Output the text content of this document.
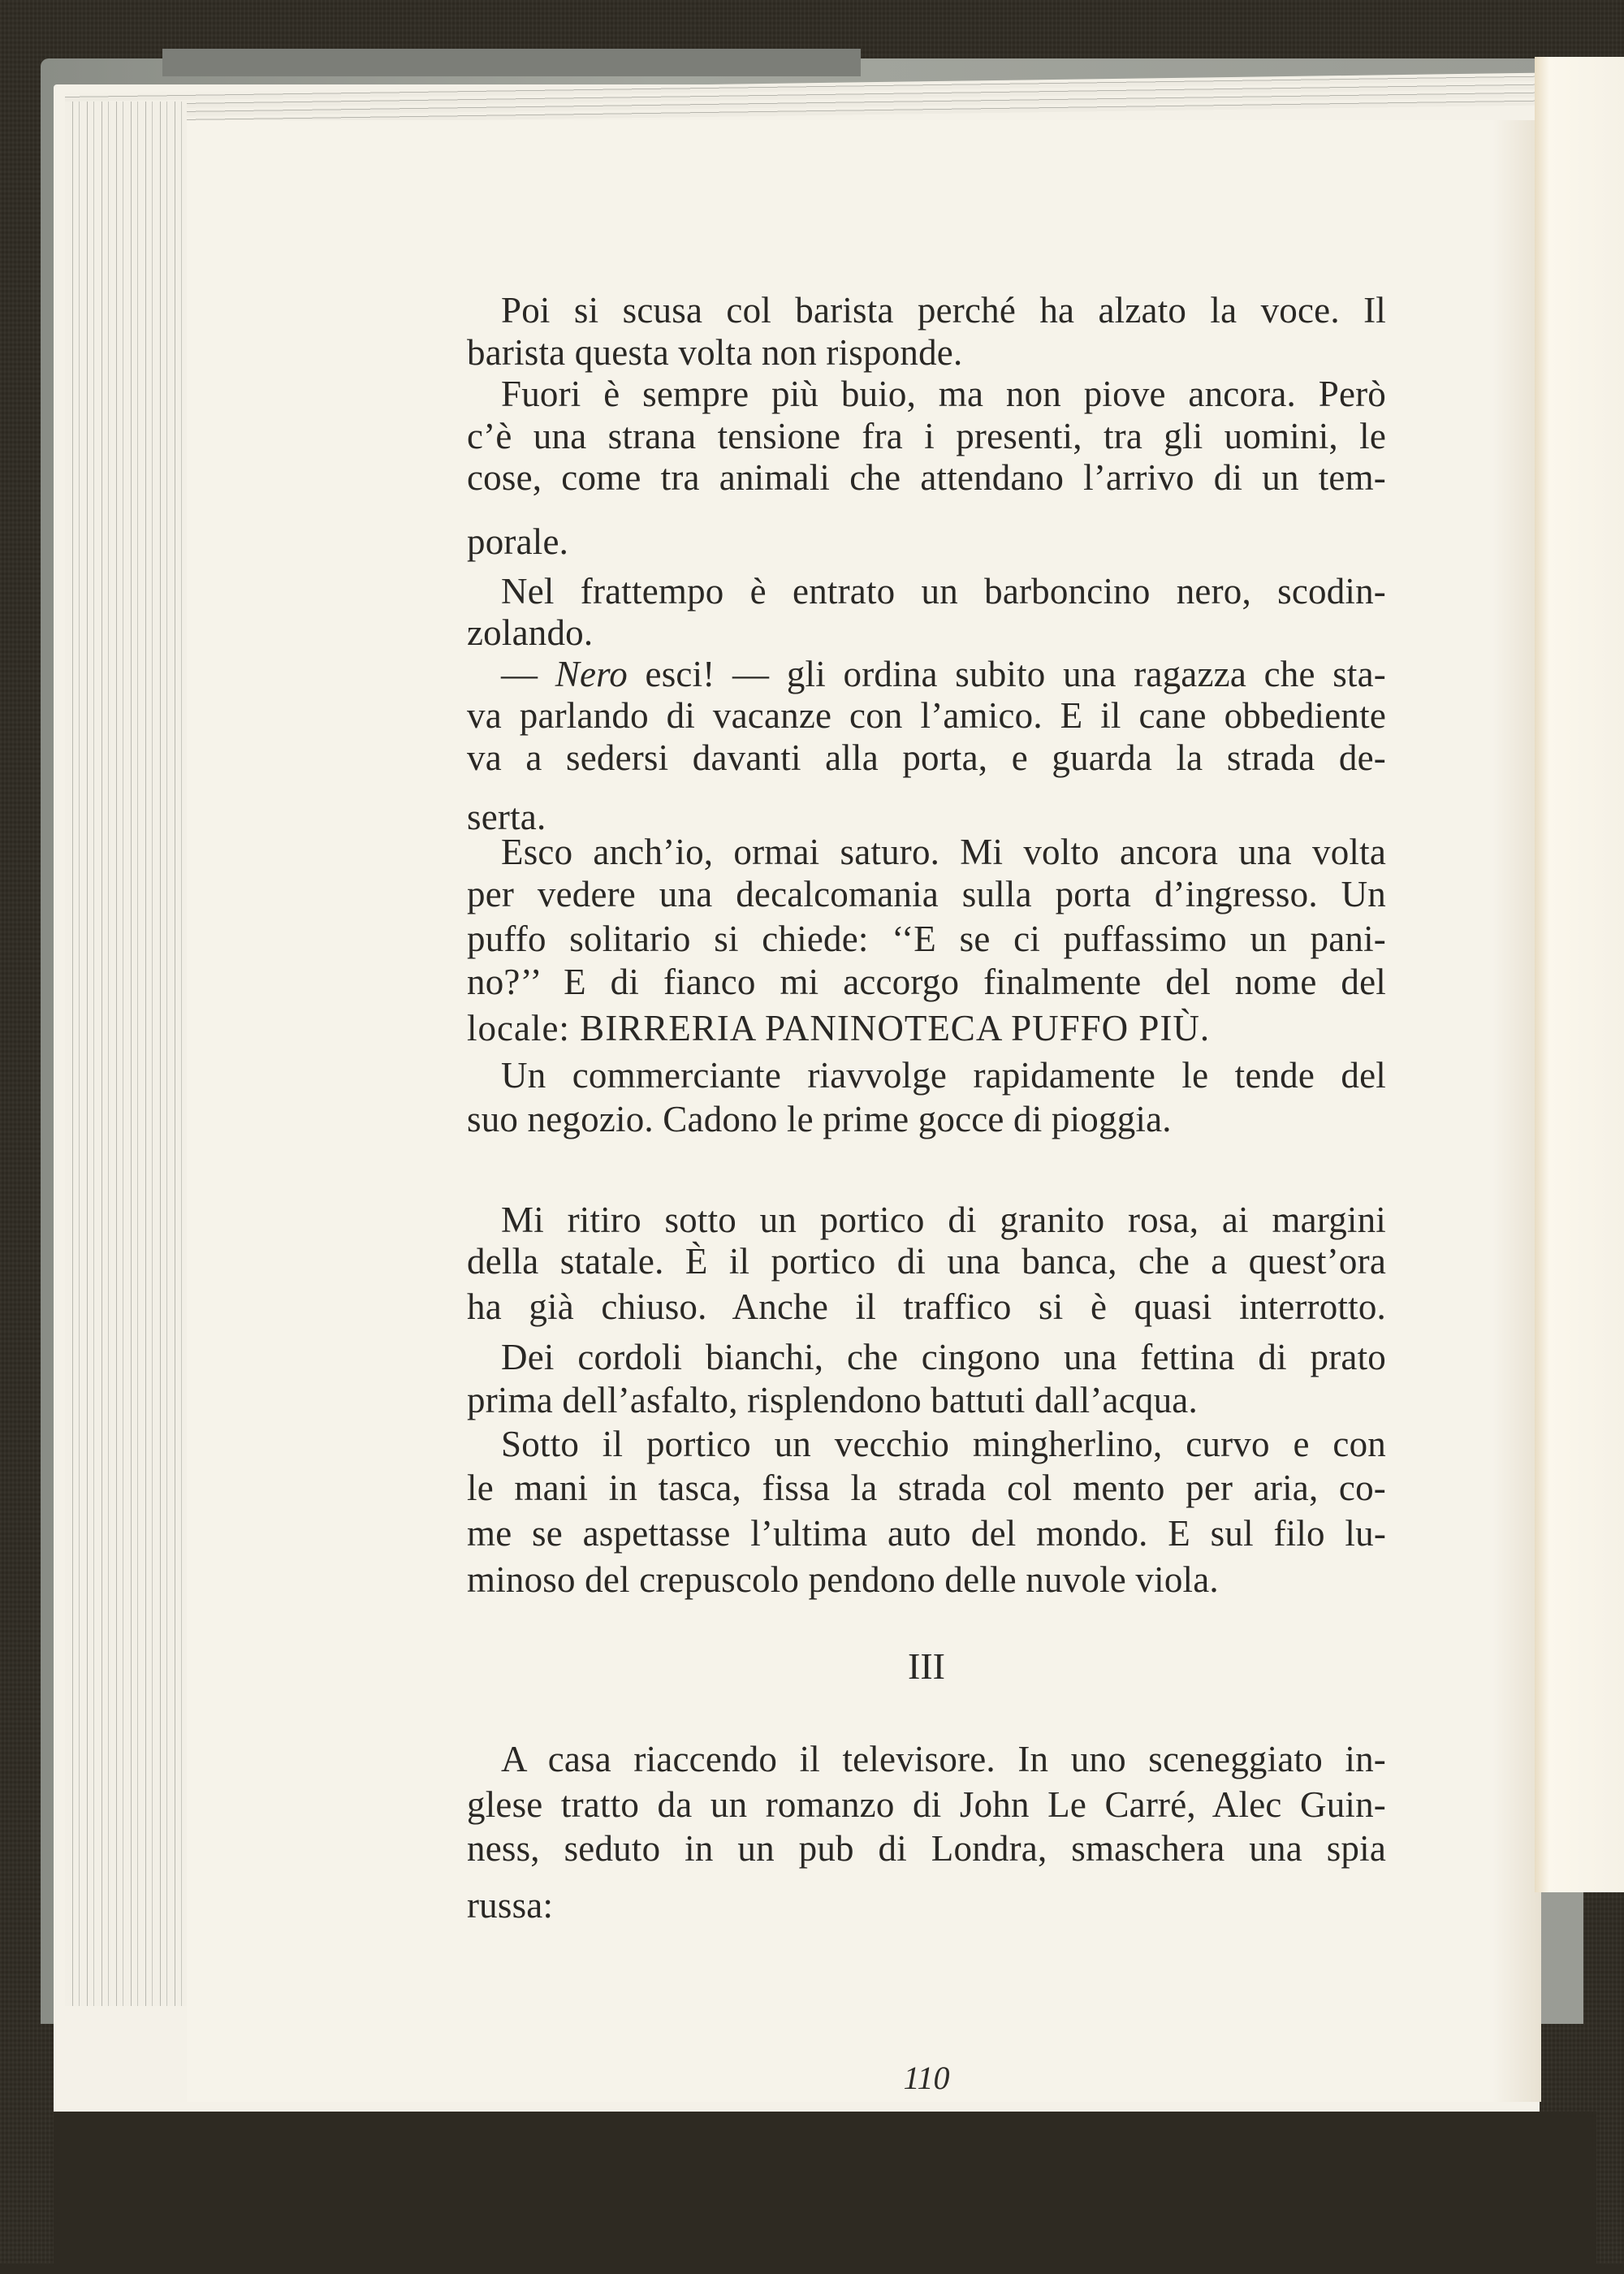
Poi si scusa col barista perché ha alzato la voce. Il
barista questa volta non risponde.
Fuori è sempre più buio, ma non piove ancora. Però
c’è una strana tensione fra i presenti, tra gli uomini, le
cose, come tra animali che attendano l’arrivo di un tem-
porale.
Nel frattempo è entrato un barboncino nero, scodin-
zolando.
— Nero esci! — gli ordina subito una ragazza che sta-
va parlando di vacanze con l’amico. E il cane obbediente
va a sedersi davanti alla porta, e guarda la strada de-
serta.
Esco anch’io, ormai saturo. Mi volto ancora una volta
per vedere una decalcomania sulla porta d’ingresso. Un
puffo solitario si chiede: ‘‘E se ci puffassimo un pani-
no?’’ E di fianco mi accorgo finalmente del nome del
locale: BIRRERIA PANINOTECA PUFFO PIÙ.
Un commerciante riavvolge rapidamente le tende del
suo negozio. Cadono le prime gocce di pioggia.
Mi ritiro sotto un portico di granito rosa, ai margini
della statale. È il portico di una banca, che a quest’ora
ha già chiuso. Anche il traffico si è quasi interrotto.
Dei cordoli bianchi, che cingono una fettina di prato
prima dell’asfalto, risplendono battuti dall’acqua.
Sotto il portico un vecchio mingherlino, curvo e con
le mani in tasca, fissa la strada col mento per aria, co-
me se aspettasse l’ultima auto del mondo. E sul filo lu-
minoso del crepuscolo pendono delle nuvole viola.
III
A casa riaccendo il televisore. In uno sceneggiato in-
glese tratto da un romanzo di John Le Carré, Alec Guin-
ness, seduto in un pub di Londra, smaschera una spia
russa:
110
